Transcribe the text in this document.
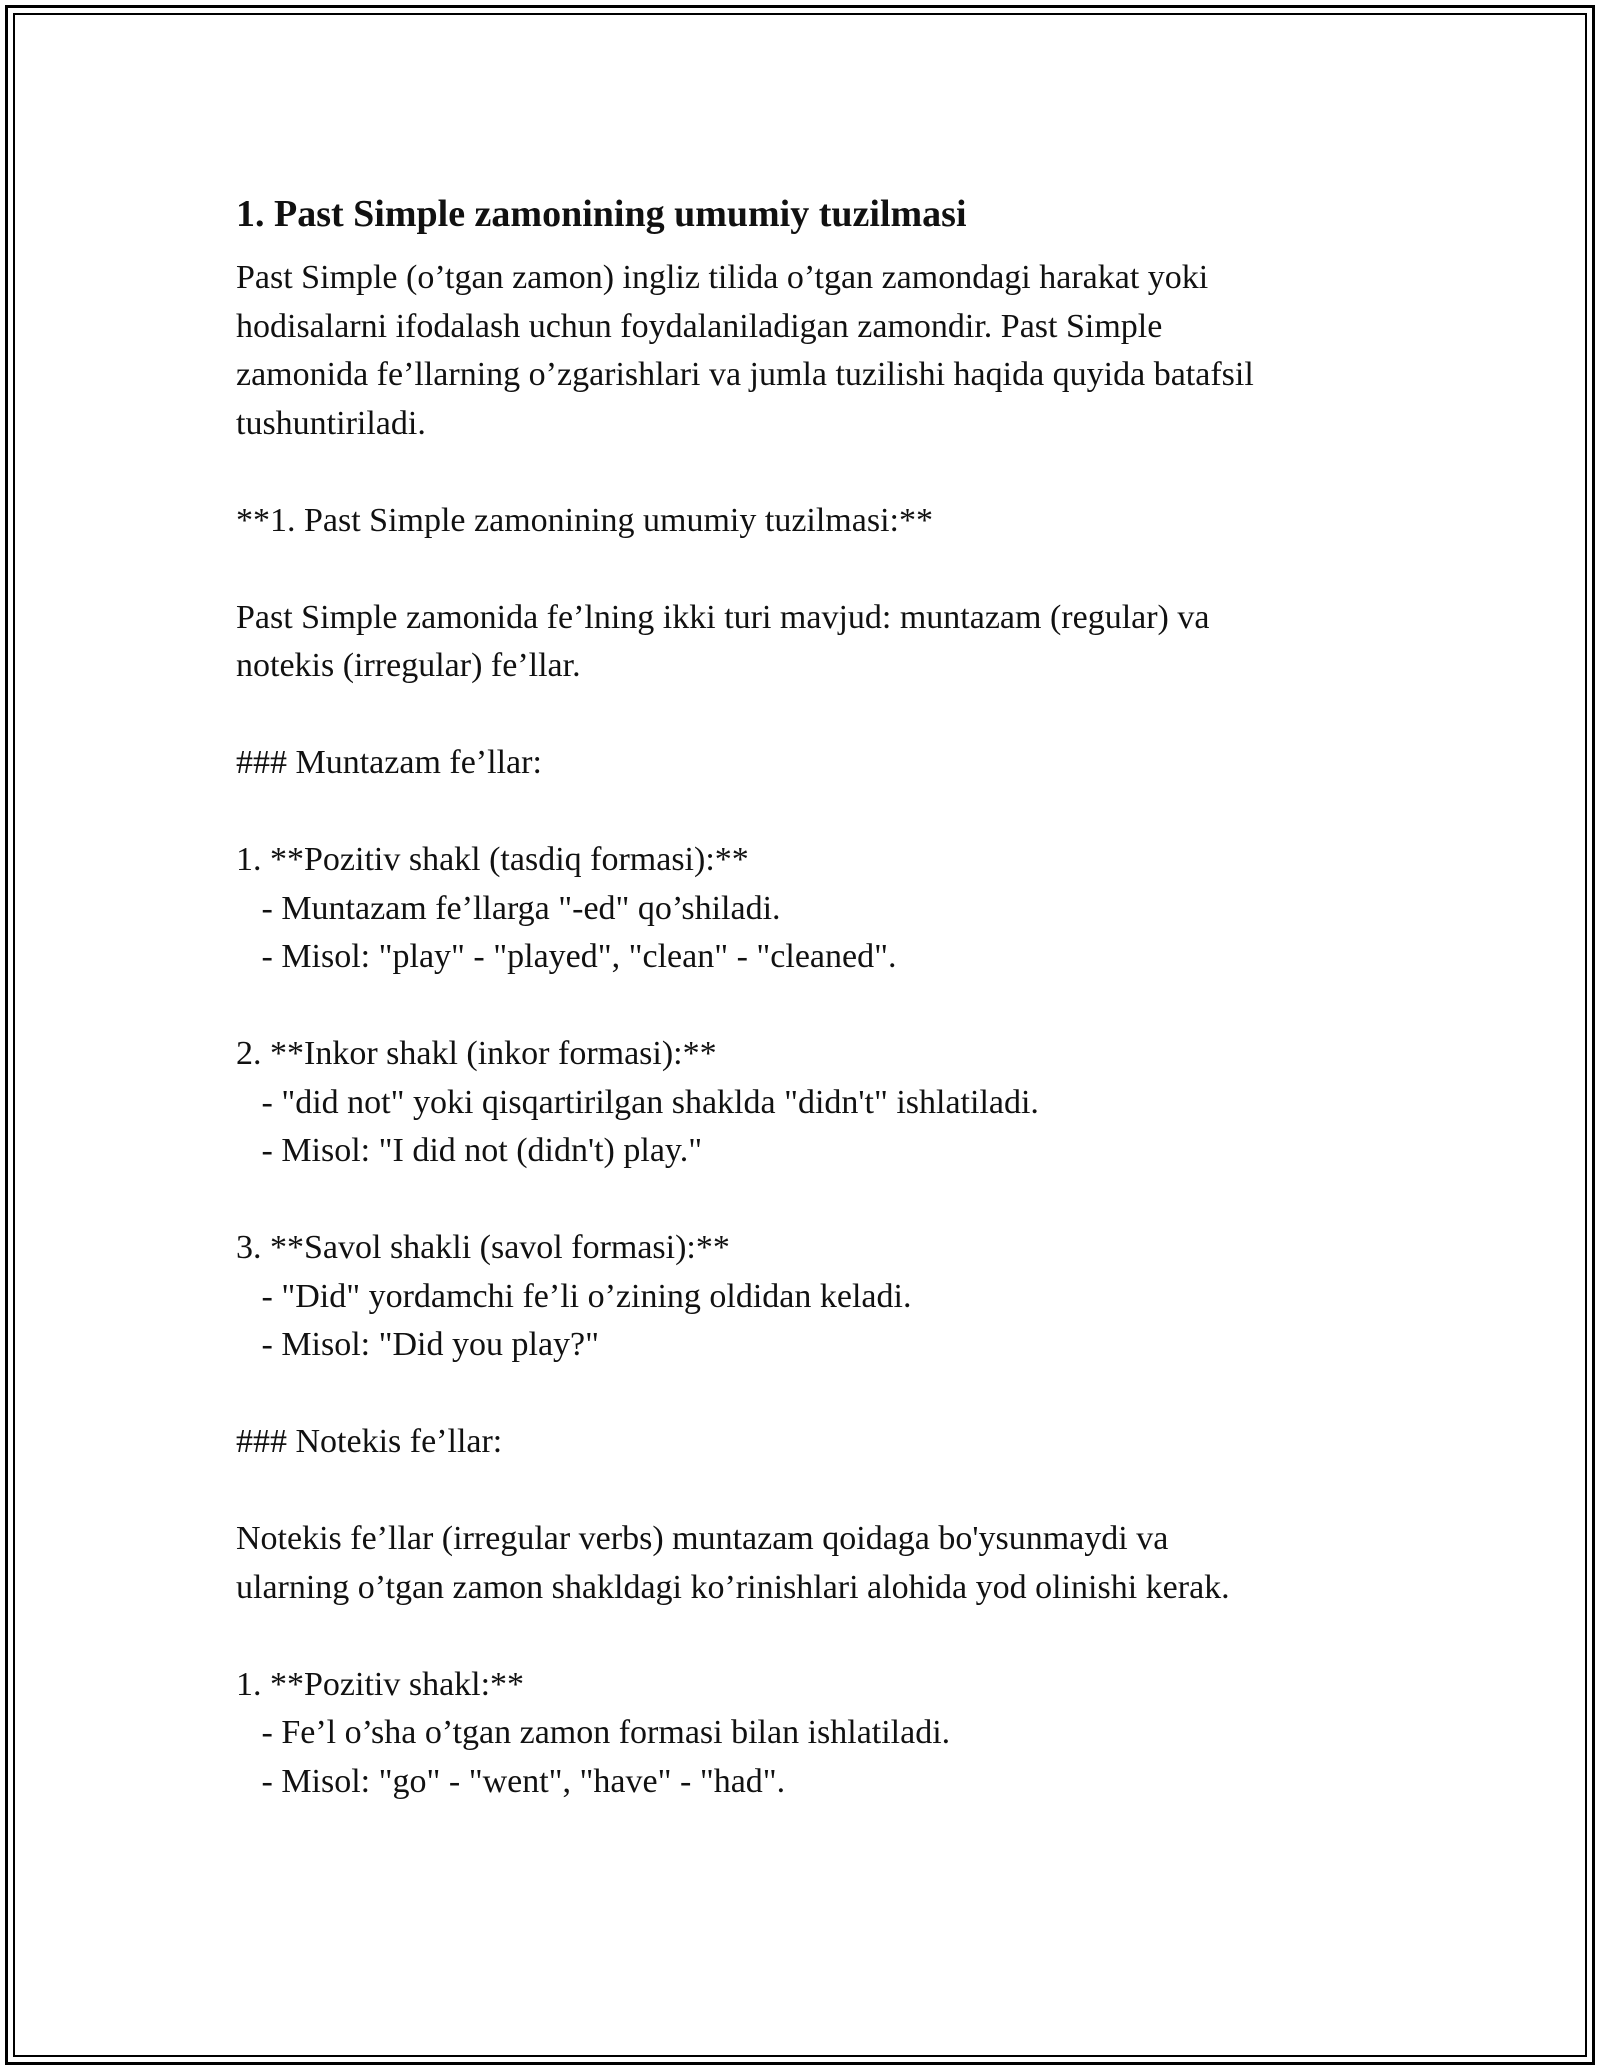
1. Past Simple zamonining umumiy tuzilmasi

Past Simple (o’tgan zamon) ingliz tilida o’tgan zamondagi harakat yoki

hodisalarni ifodalash uchun foydalaniladigan zamondir. Past Simple

zamonida fe’llarning o’zgarishlari va jumla tuzilishi haqida quyida batafsil

tushuntiriladi.

**1. Past Simple zamonining umumiy tuzilmasi:**

Past Simple zamonida fe’lning ikki turi mavjud: muntazam (regular) va

notekis (irregular) fe’llar.

### Muntazam fe’llar:

1. **Pozitiv shakl (tasdiq formasi):**

- Muntazam fe’llarga "-ed" qo’shiladi.

- Misol: "play" - "played", "clean" - "cleaned".

2. **Inkor shakl (inkor formasi):**

- "did not" yoki qisqartirilgan shaklda "didn't" ishlatiladi.

- Misol: "I did not (didn't) play."

3. **Savol shakli (savol formasi):**

- "Did" yordamchi fe’li o’zining oldidan keladi.

- Misol: "Did you play?"

### Notekis fe’llar:

Notekis fe’llar (irregular verbs) muntazam qoidaga bo'ysunmaydi va

ularning o’tgan zamon shakldagi ko’rinishlari alohida yod olinishi kerak.

1. **Pozitiv shakl:**

- Fe’l o’sha o’tgan zamon formasi bilan ishlatiladi.

- Misol: "go" - "went", "have" - "had".
